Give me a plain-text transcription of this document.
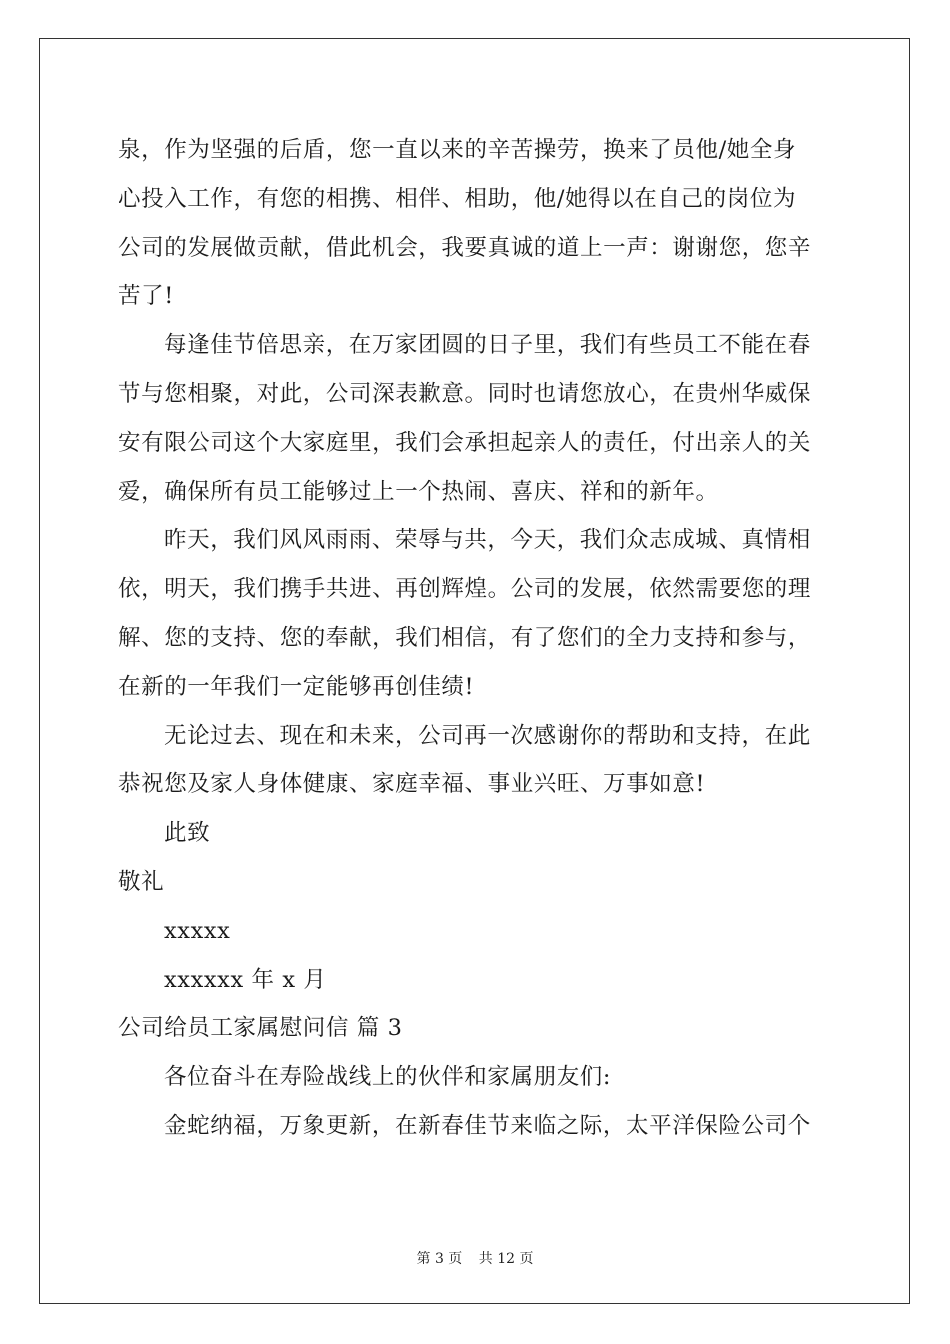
泉，作为坚强的后盾，您一直以来的辛苦操劳，换来了员他/她全身
心投入工作，有您的相携、相伴、相助，他/她得以在自己的岗位为
公司的发展做贡献，借此机会，我要真诚的道上一声：谢谢您，您辛
苦了!
每逢佳节倍思亲，在万家团圆的日子里，我们有些员工不能在春
节与您相聚，对此，公司深表歉意。同时也请您放心，在贵州华威保
安有限公司这个大家庭里，我们会承担起亲人的责任，付出亲人的关
爱，确保所有员工能够过上一个热闹、喜庆、祥和的新年。
昨天，我们风风雨雨、荣辱与共，今天，我们众志成城、真情相
依，明天，我们携手共进、再创辉煌。公司的发展，依然需要您的理
解、您的支持、您的奉献，我们相信，有了您们的全力支持和参与，
在新的一年我们一定能够再创佳绩!
无论过去、现在和未来，公司再一次感谢你的帮助和支持，在此
恭祝您及家人身体健康、家庭幸福、事业兴旺、万事如意!
此致
敬礼
xxxxx
xxxxxx 年 x 月
公司给员工家属慰问信 篇 3
各位奋斗在寿险战线上的伙伴和家属朋友们:
金蛇纳福，万象更新，在新春佳节来临之际，太平洋保险公司个
第 3 页 共 12 页
